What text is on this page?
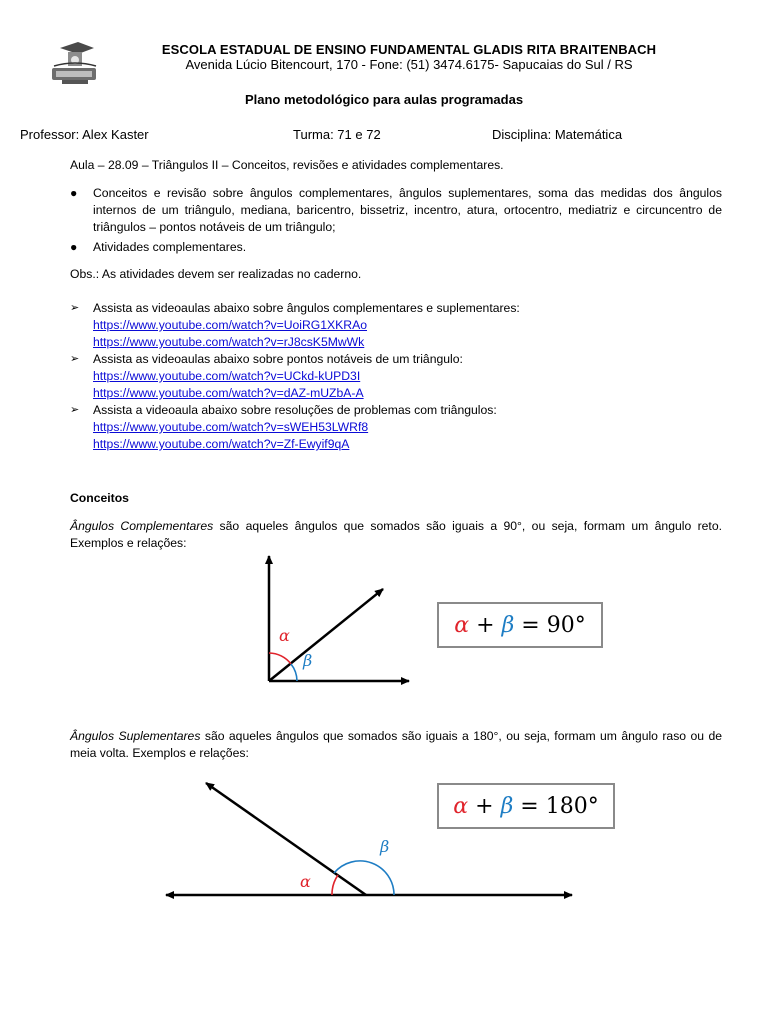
ESCOLA ESTADUAL DE ENSINO FUNDAMENTAL GLADIS RITA BRAITENBACH
Avenida Lúcio Bitencourt, 170 - Fone: (51) 3474.6175- Sapucaias do Sul / RS
Plano metodológico para aulas programadas
Professor: Alex Kaster	Turma: 71 e 72	Disciplina: Matemática
Aula – 28.09 – Triângulos II – Conceitos, revisões e atividades complementares.
●	Conceitos e revisão sobre ângulos complementares, ângulos suplementares, soma das medidas dos ângulos internos de um triângulo, mediana, baricentro, bissetriz, incentro, atura, ortocentro, mediatriz e circuncentro de triângulos – pontos notáveis de um triângulo;
●	Atividades complementares.
Obs.: As atividades devem ser realizadas no caderno.
➢	Assista as videoaulas abaixo sobre ângulos complementares e suplementares:
https://www.youtube.com/watch?v=UoiRG1XKRAo
https://www.youtube.com/watch?v=rJ8csK5MwWk
➢	Assista as videoaulas abaixo sobre pontos notáveis de um triângulo:
https://www.youtube.com/watch?v=UCkd-kUPD3I
https://www.youtube.com/watch?v=dAZ-mUZbA-A
➢	Assista a videoaula abaixo sobre resoluções de problemas com triângulos:
https://www.youtube.com/watch?v=sWEH53LWRf8
https://www.youtube.com/watch?v=Zf-Ewyif9qA
Conceitos
Ângulos Complementares são aqueles ângulos que somados são iguais a 90°, ou seja, formam um ângulo reto. Exemplos e relações:
α
β
α + β = 90°
Ângulos Suplementares são aqueles ângulos que somados são iguais a 180°, ou seja, formam um ângulo raso ou de meia volta. Exemplos e relações:
α
β
α + β = 180°
